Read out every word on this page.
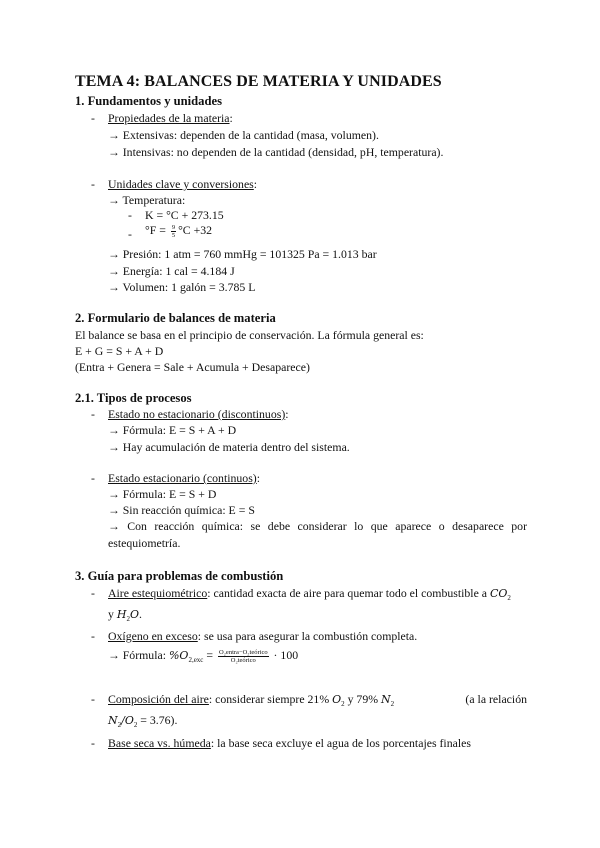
TEMA 4: BALANCES DE MATERIA Y UNIDADES
1. Fundamentos y unidades
- Propiedades de la materia:
→ Extensivas: dependen de la cantidad (masa, volumen).
→ Intensivas: no dependen de la cantidad (densidad, pH, temperatura).
- Unidades clave y conversiones:
→ Temperatura:
- K = °C + 273.15
- $^\circ F = \frac{9}{5} ^\circ C +32$
→ Presión: 1 atm = 760 mmHg = 101325 Pa = 1.013 bar
→ Energía: 1 cal = 4.184 J
→ Volumen: 1 galón = 3.785 L
2. Formulario de balances de materia
El balance se basa en el principio de conservación. La fórmula general es:
E + G = S + A + D
(Entra + Genera = Sale + Acumula + Desaparece)
2.1. Tipos de procesos
- Estado no estacionario (discontinuos):
→ Fórmula: E = S + A + D
→ Hay acumulación de materia dentro del sistema.
- Estado estacionario (continuos):
→ Fórmula: E = S + D
→ Sin reacción química: E = S
→ Con reacción química: se debe considerar lo que aparece o desaparece por
estequiometría.
3. Guía para problemas de combustión
- Aire estequiométrico: cantidad exacta de aire para quemar todo el combustible a $CO_2$
y $H_2O$.
- Oxígeno en exceso: se usa para asegurar la combustión completa.
→ Fórmula: $\%O_{2,exc} = \frac{\text{O₂entra−O₂teórico}}{\text{O₂teórico}} \cdot 100$
- Composición del aire: considerar siempre 21% $O_2$ y 79% $N_2$	(a la relación
$N_2/O_2 = 3.76$).
- Base seca vs. húmeda: la base seca excluye el agua de los porcentajes finales
